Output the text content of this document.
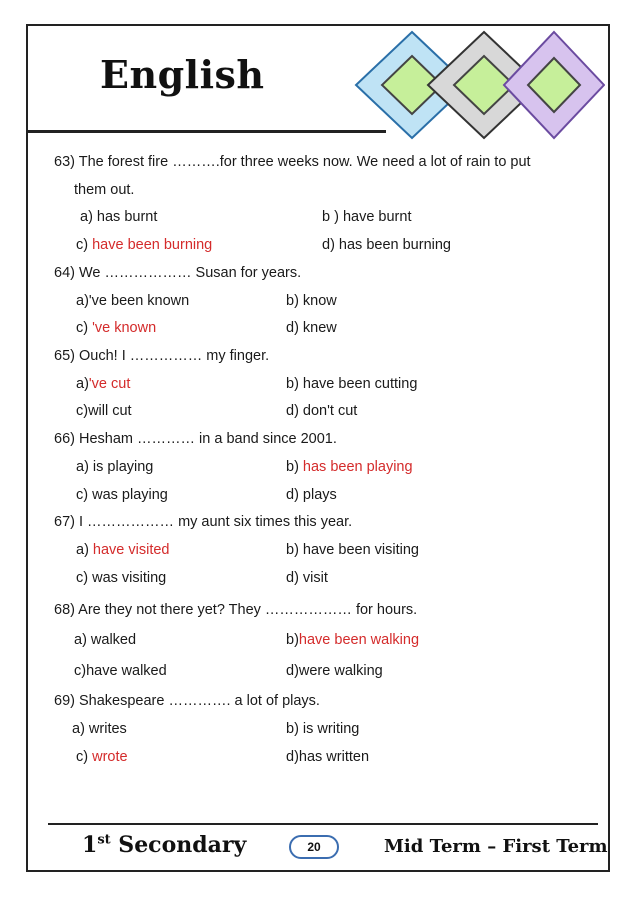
English
63) The forest fire ……….for three weeks now. We need a lot of rain to put
them out.
a) has burnt	b ) have burnt
c) have been burning	d) has been burning
64) We ……………… Susan for years.
a)'ve been known	b) know
c) 've known	d) knew
65) Ouch! I …………… my finger.
a)'ve cut	b) have been cutting
c)will cut	d) don't cut
66) Hesham ………… in a band since 2001.
a) is playing	b) has been playing
c) was playing	d) plays
67) I ……………… my aunt six times this year.
a) have visited	b) have been visiting
c) was visiting	d) visit
68) Are they not there yet? They ……………… for hours.
a) walked	b)have been walking
c)have walked	d)were walking
69) Shakespeare …………. a lot of plays.
a) writes	b) is writing
c) wrote	d)has written
1st Secondary	20	Mid Term – First Term
